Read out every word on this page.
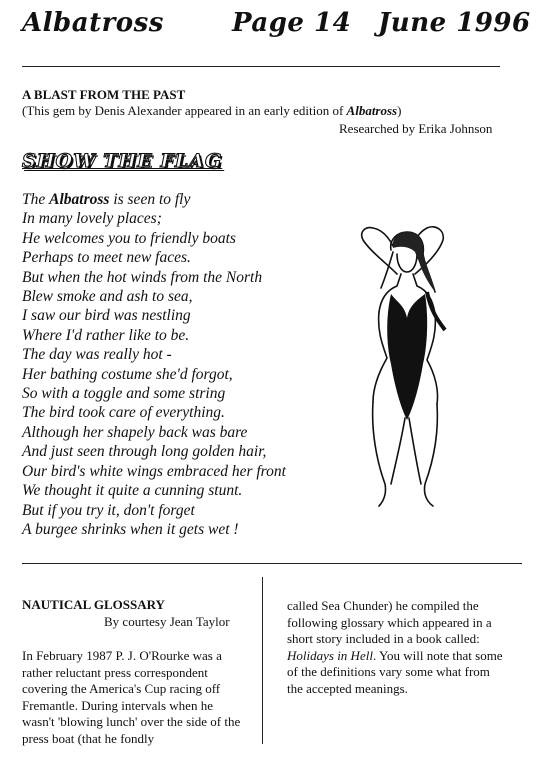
Albatross	Page 14 June 1996
A BLAST FROM THE PAST
(This gem by Denis Alexander appeared in an early edition of Albatross)
Researched by Erika Johnson
SHOW THE FLAG
The Albatross is seen to fly
In many lovely places;
He welcomes you to friendly boats
Perhaps to meet new faces.
But when the hot winds from the North
Blew smoke and ash to sea,
I saw our bird was nestling
Where I'd rather like to be.
The day was really hot -
Her bathing costume she'd forgot,
So with a toggle and some string
The bird took care of everything.
Although her shapely back was bare
And just seen through long golden hair,
Our bird's white wings embraced her front
We thought it quite a cunning stunt.
But if you try it, don't forget
A burgee shrinks when it gets wet !
NAUTICAL GLOSSARY
By courtesy Jean Taylor

In February 1987 P. J. O'Rourke was a rather reluctant press correspondent covering the America's Cup racing off Fremantle. During intervals when he wasn't 'blowing lunch' over the side of the press boat (that he fondly

called Sea Chunder) he compiled the following glossary which appeared in a short story included in a book called: Holidays in Hell. You will note that some of the definitions vary some what from the accepted meanings.
